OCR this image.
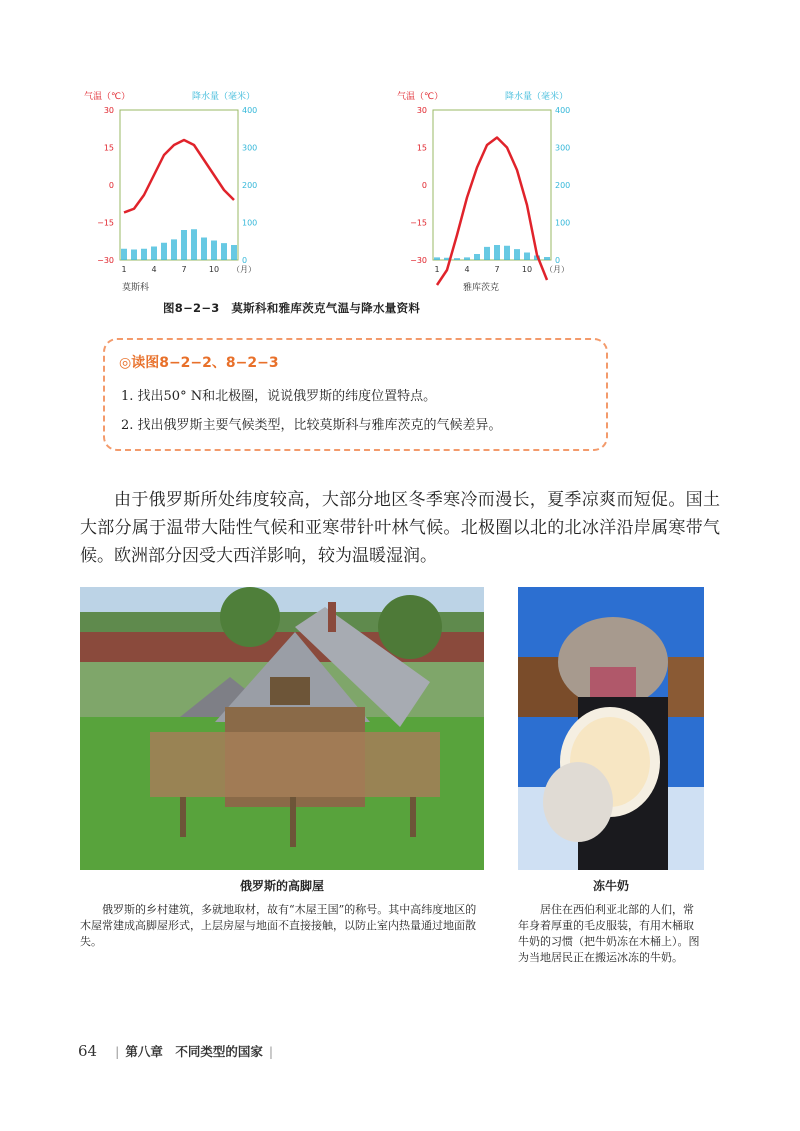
气温（℃）	降水量（毫米）
30
15
0
−15
−30
400
300
200
100
0
1	4	7	10 （月）
莫斯科
气温（℃）	降水量（毫米）
30
15
0
−15
−30
400
300
200
100
0
1	4	7	10 （月）
雅库茨克
图8−2−3　莫斯科和雅库茨克气温与降水量资料
◎读图8−2−2、8−2−3
1. 找出50° N和北极圈，说说俄罗斯的纬度位置特点。
2. 找出俄罗斯主要气候类型，比较莫斯科与雅库茨克的气候差异。
由于俄罗斯所处纬度较高，大部分地区冬季寒冷而漫长，夏季凉爽而短促。国土大部分属于温带大陆性气候和亚寒带针叶林气候。北极圈以北的北冰洋沿岸属寒带气候。欧洲部分因受大西洋影响，较为温暖湿润。
俄罗斯的高脚屋
俄罗斯的乡村建筑，多就地取材，故有“木屋王国”的称号。其中高纬度地区的木屋常建成高脚屋形式，上层房屋与地面不直接接触，以防止室内热量通过地面散失。
冻牛奶
居住在西伯利亚北部的人们，常年身着厚重的毛皮服装，有用木桶取牛奶的习惯（把牛奶冻在木桶上）。图为当地居民正在搬运冰冻的牛奶。
64 | 第八章　不同类型的国家 |
